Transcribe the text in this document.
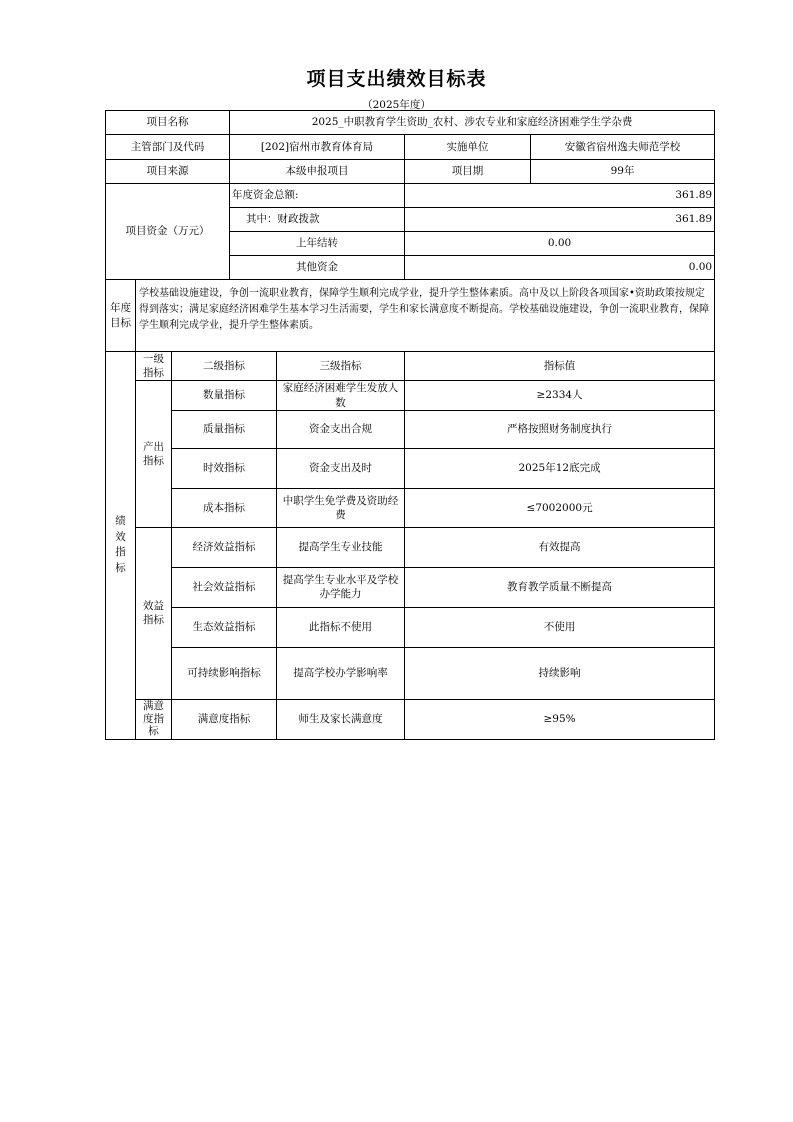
项目支出绩效目标表
（2025年度）
项目名称			2025_中职教育学生资助_农村、涉农专业和家庭经济困难学生学杂费			
主管部门及代码			[202]宿州市教育体育局		实施单位	安徽省宿州逸夫师范学校
项目来源			本级申报项目		项目期	99年
项目资金（万元）			年度资金总额:		361.89	
			其中：财政拨款		361.89	
			上年结转		0.00	
			其他资金		0.00	
年度目标	学校基础设施建设，争创一流职业教育，保障学生顺利完成学业，提升学生整体素质。高中及以上阶段各项国家•资助政策按规定得到落实；满足家庭经济困难学生基本学习生活需要，学生和家长满意度不断提高。学校基础设施建设，争创一流职业教育，保障学生顺利完成学业，提升学生整体素质。					
绩效指标	一级指标	二级指标		三级指标	指标值	
	产出指标	数量指标		家庭经济困难学生发放人数	≥2334人	
		质量指标		资金支出合规	严格按照财务制度执行	
		时效指标		资金支出及时	2025年12底完成	
		成本指标		中职学生免学费及资助经费	≤7002000元	
	效益指标	经济效益指标		提高学生专业技能	有效提高	
		社会效益指标		提高学生专业水平及学校办学能力	教育教学质量不断提高	
		生态效益指标		此指标不使用	不使用	
		可持续影响指标		提高学校办学影响率	持续影响	
	满意度指标	满意度指标		师生及家长满意度	≥95%	
